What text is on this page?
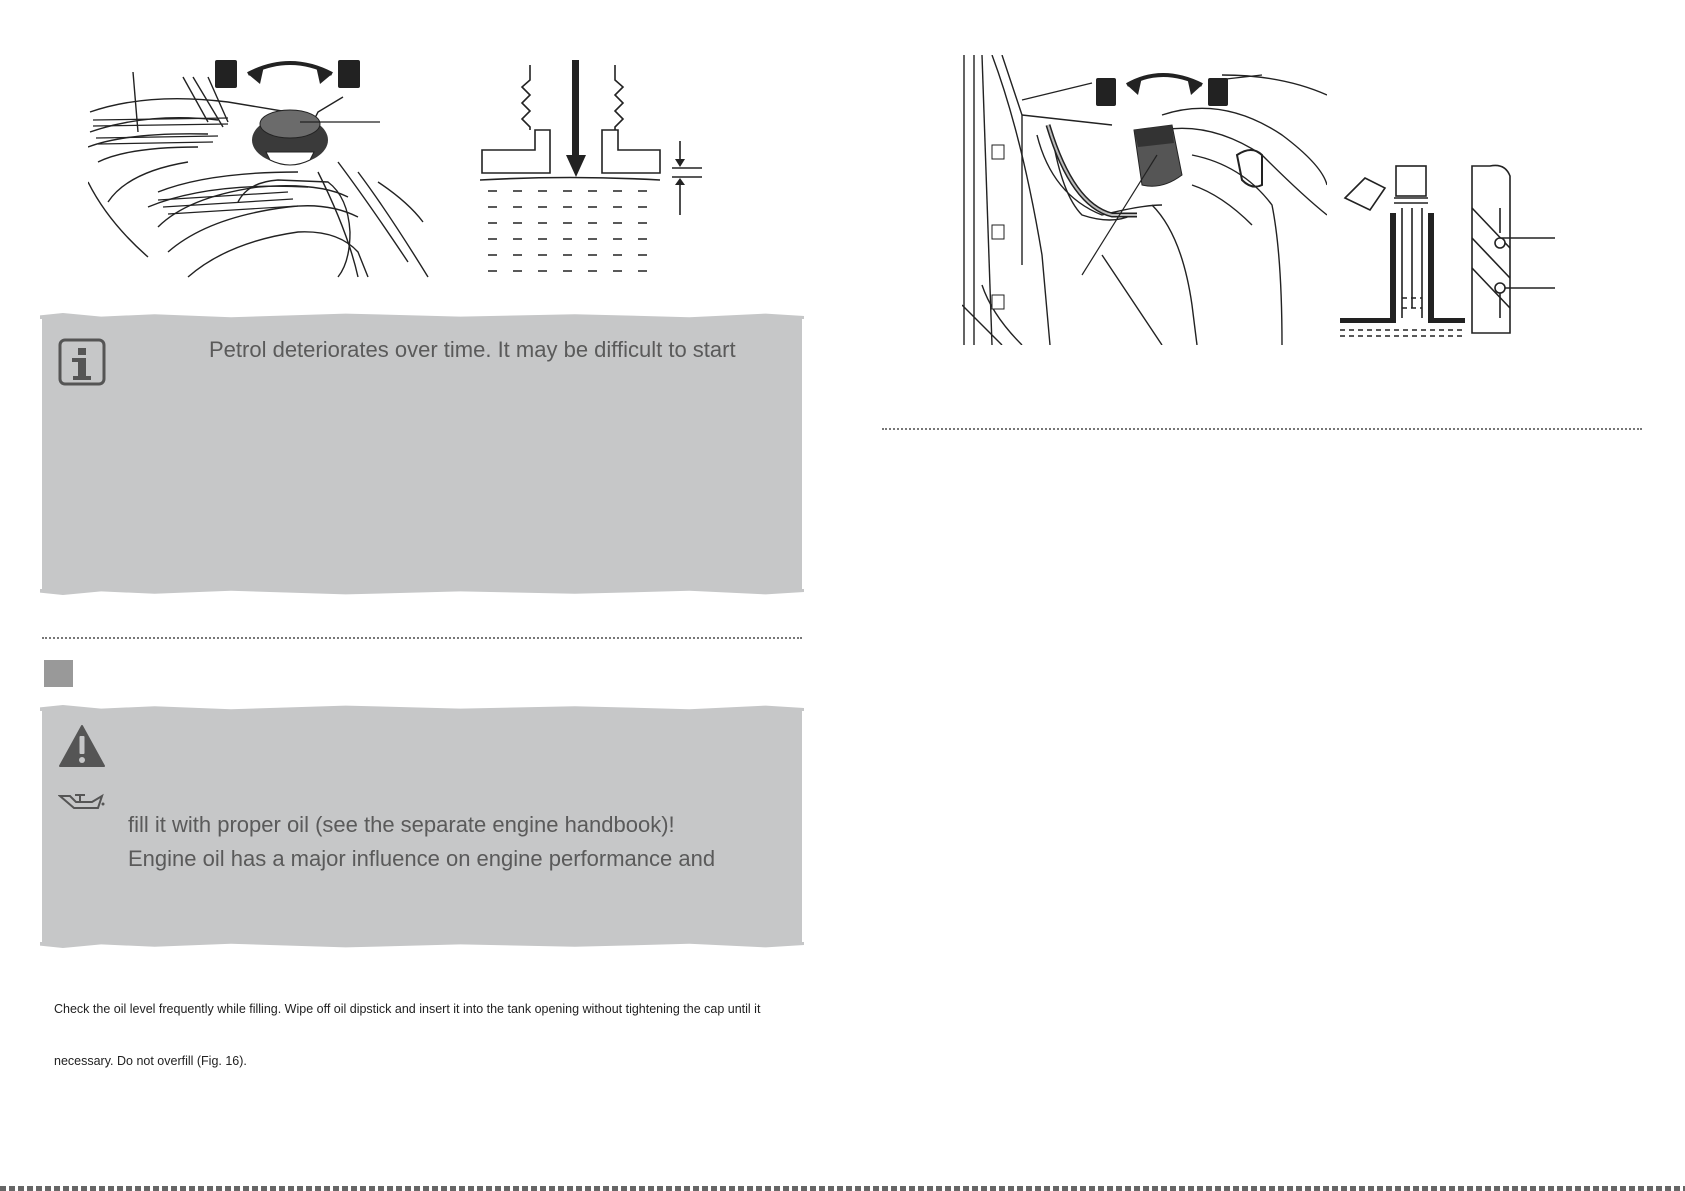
Petrol deteriorates over time. It may be difficult to start
fill it with proper oil (see the separate engine handbook)!
Engine oil has a major influence on engine performance and
Check the oil level frequently while filling. Wipe off oil dipstick and insert it into the tank opening without tightening the cap until it
necessary. Do not overfill (Fig. 16).
